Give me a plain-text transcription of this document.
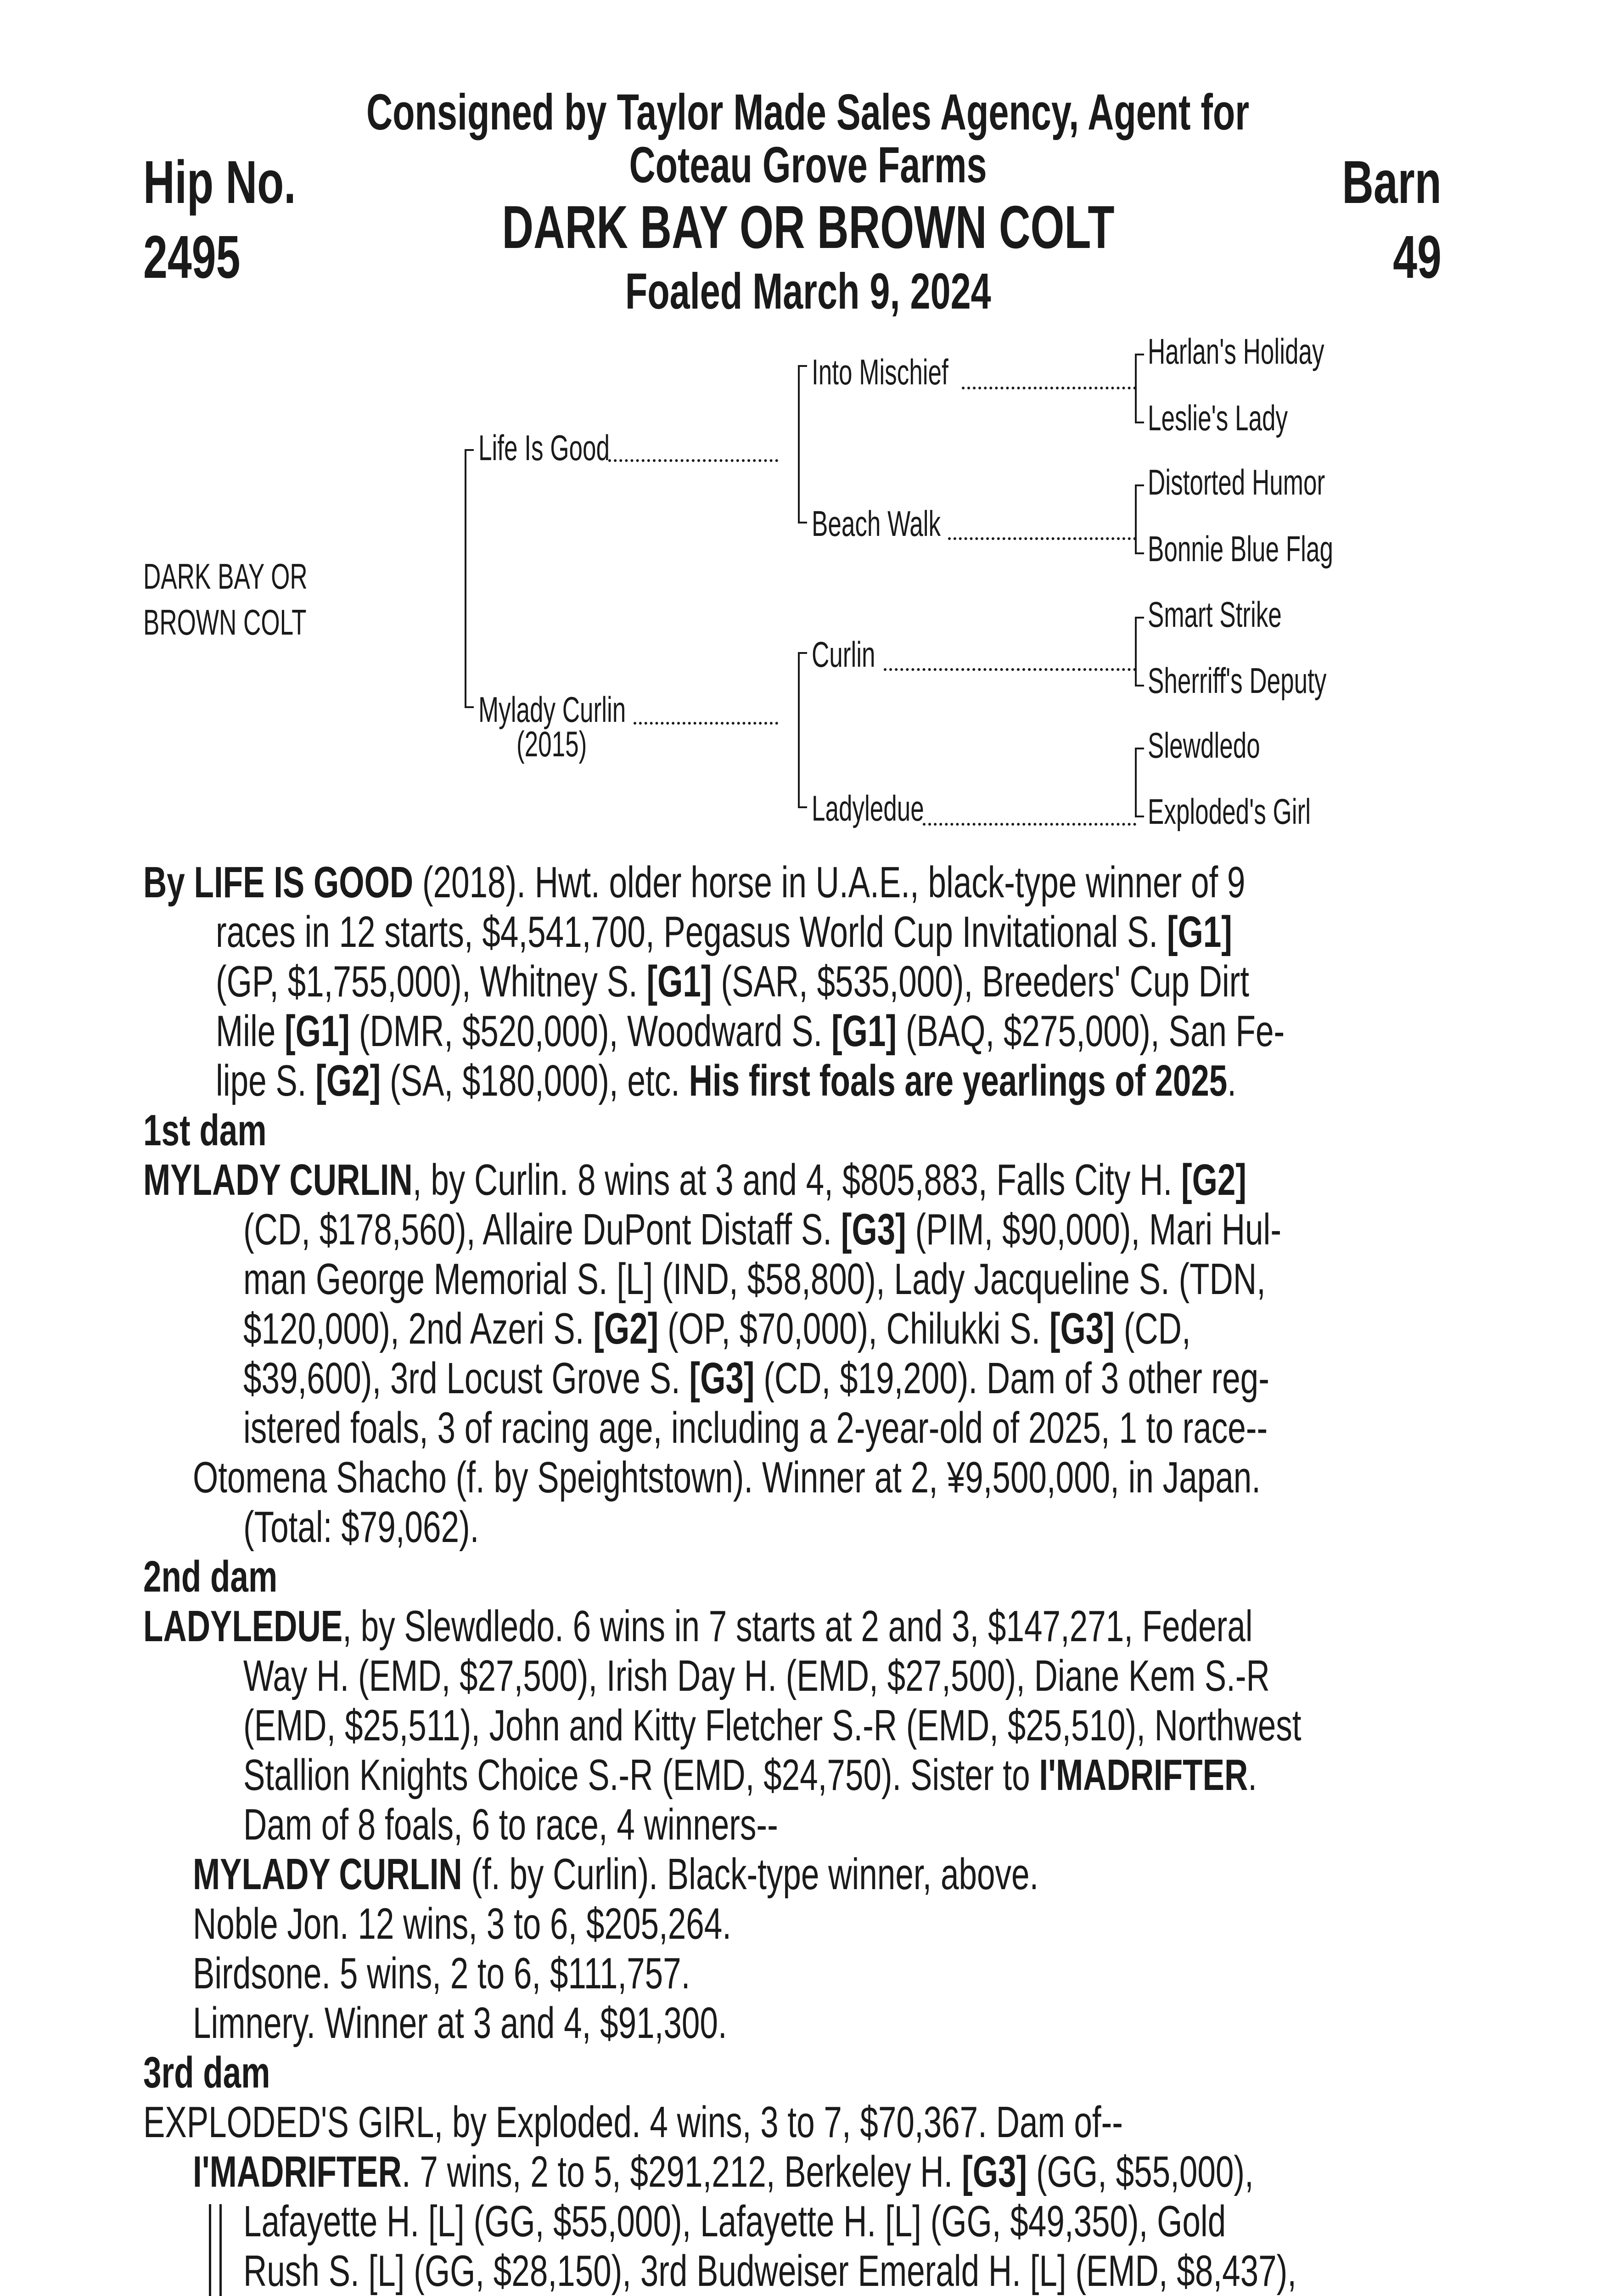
Consigned by Taylor Made Sales Agency, Agent for
Coteau Grove Farms
Hip No.
2495
Barn
49
DARK BAY OR BROWN COLT
Foaled March 9, 2024
DARK BAY OR
BROWN COLT
Life Is Good
Mylady Curlin
(2015)
Into Mischief
Beach Walk
Curlin
Ladyledue
Harlan's Holiday
Leslie's Lady
Distorted Humor
Bonnie Blue Flag
Smart Strike
Sherriff's Deputy
Slewdledo
Exploded's Girl
By LIFE IS GOOD (2018). Hwt. older horse in U.A.E., black-type winner of 9
races in 12 starts, $4,541,700, Pegasus World Cup Invitational S. [G1]
(GP, $1,755,000), Whitney S. [G1] (SAR, $535,000), Breeders' Cup Dirt
Mile [G1] (DMR, $520,000), Woodward S. [G1] (BAQ, $275,000), San Fe-
lipe S. [G2] (SA, $180,000), etc. His first foals are yearlings of 2025.
1st dam
MYLADY CURLIN, by Curlin. 8 wins at 3 and 4, $805,883, Falls City H. [G2]
(CD, $178,560), Allaire DuPont Distaff S. [G3] (PIM, $90,000), Mari Hul-
man George Memorial S. [L] (IND, $58,800), Lady Jacqueline S. (TDN,
$120,000), 2nd Azeri S. [G2] (OP, $70,000), Chilukki S. [G3] (CD,
$39,600), 3rd Locust Grove S. [G3] (CD, $19,200). Dam of 3 other reg-
istered foals, 3 of racing age, including a 2-year-old of 2025, 1 to race--
Otomena Shacho (f. by Speightstown). Winner at 2, ¥9,500,000, in Japan.
(Total: $79,062).
2nd dam
LADYLEDUE, by Slewdledo. 6 wins in 7 starts at 2 and 3, $147,271, Federal
Way H. (EMD, $27,500), Irish Day H. (EMD, $27,500), Diane Kem S.-R
(EMD, $25,511), John and Kitty Fletcher S.-R (EMD, $25,510), Northwest
Stallion Knights Choice S.-R (EMD, $24,750). Sister to I'MADRIFTER.
Dam of 8 foals, 6 to race, 4 winners--
MYLADY CURLIN (f. by Curlin). Black-type winner, above.
Noble Jon. 12 wins, 3 to 6, $205,264.
Birdsone. 5 wins, 2 to 6, $111,757.
Limnery. Winner at 3 and 4, $91,300.
3rd dam
EXPLODED'S GIRL, by Exploded. 4 wins, 3 to 7, $70,367. Dam of--
I'MADRIFTER. 7 wins, 2 to 5, $291,212, Berkeley H. [G3] (GG, $55,000),
Lafayette H. [L] (GG, $55,000), Lafayette H. [L] (GG, $49,350), Gold
Rush S. [L] (GG, $28,150), 3rd Budweiser Emerald H. [L] (EMD, $8,437),
